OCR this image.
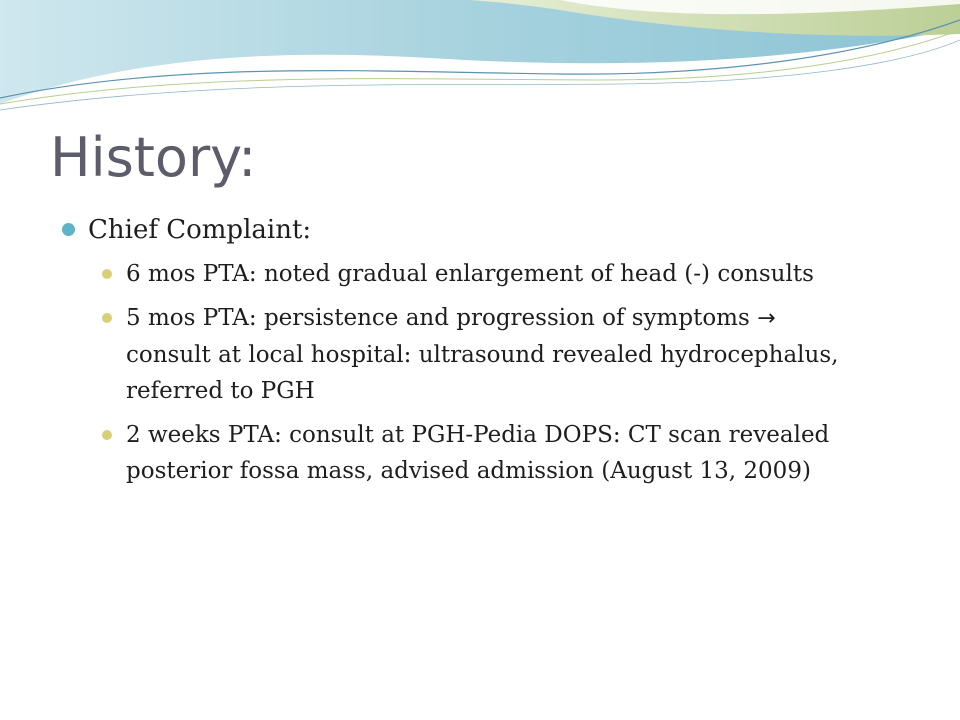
History:
Chief Complaint:
6 mos PTA: noted gradual enlargement of head (-) consults
5 mos PTA: persistence and progression of symptoms → consult at local hospital: ultrasound revealed hydrocephalus, referred to PGH
2 weeks PTA: consult at PGH-Pedia DOPS: CT scan revealed posterior fossa mass, advised admission (August 13, 2009)
